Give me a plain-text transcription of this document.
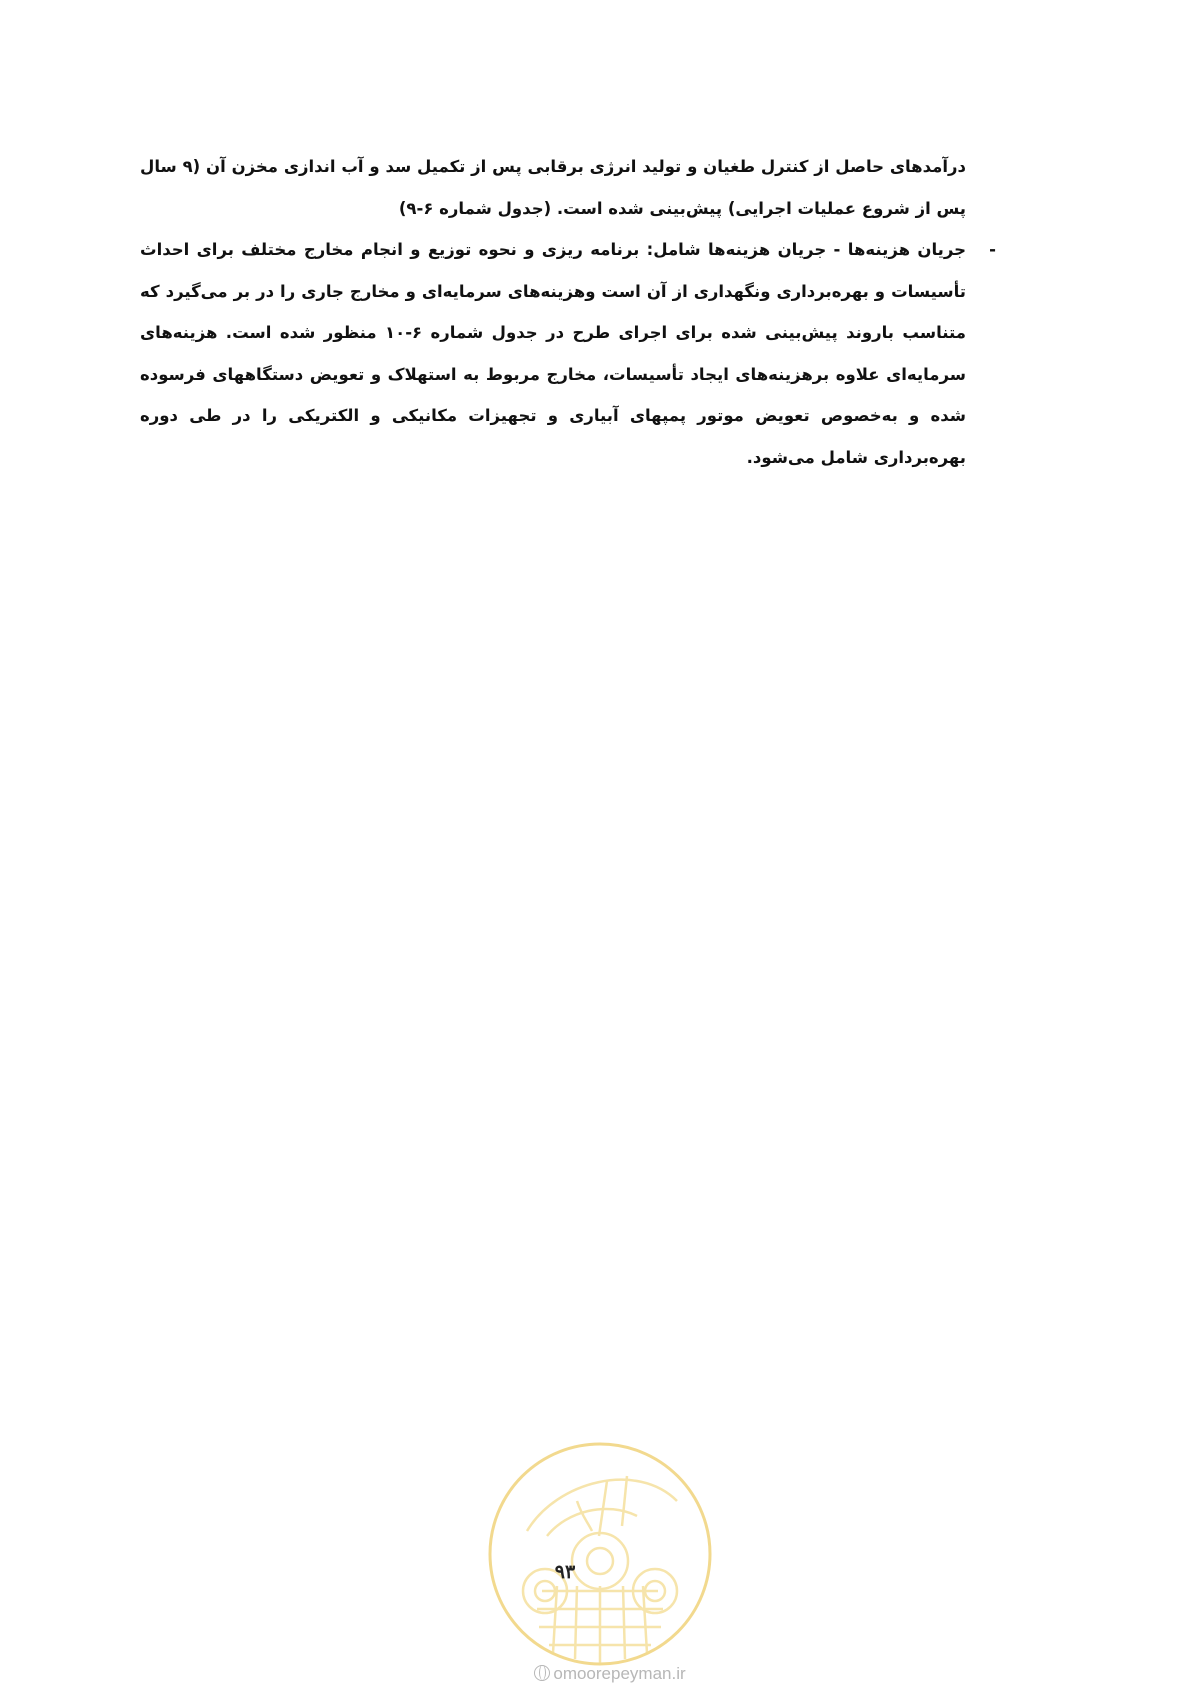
درآمدهای حاصل از کنترل طغیان و تولید انرژی برقابی پس از تکمیل سد و آب اندازی مخزن آن (۹ سال پس از شروع عملیات اجرایی) پیش‌بینی شده است. (جدول شماره ۶-۹)

-
جریان هزینه‌ها - جریان هزینه‌ها شامل: برنامه ریزی و نحوه توزیع و انجام مخارج مختلف برای احداث تأسیسات و بهره‌برداری ونگهداری از آن است وهزینه‌های سرمایه‌ای و مخارج جاری را در بر می‌گیرد که متناسب باروند پیش‌بینی شده برای اجرای طرح در جدول شماره ۶-۱۰ منظور شده است. هزینه‌های سرمایه‌ای علاوه برهزینه‌های ایجاد تأسیسات، مخارج مربوط به استهلاک و تعویض دستگاههای فرسوده شده و به‌خصوص تعویض موتور پمپهای آبیاری و تجهیزات مکانیکی و الکتریکی را در طی دوره بهره‌برداری شامل می‌شود.

۹۳
omoorepeyman.ir
